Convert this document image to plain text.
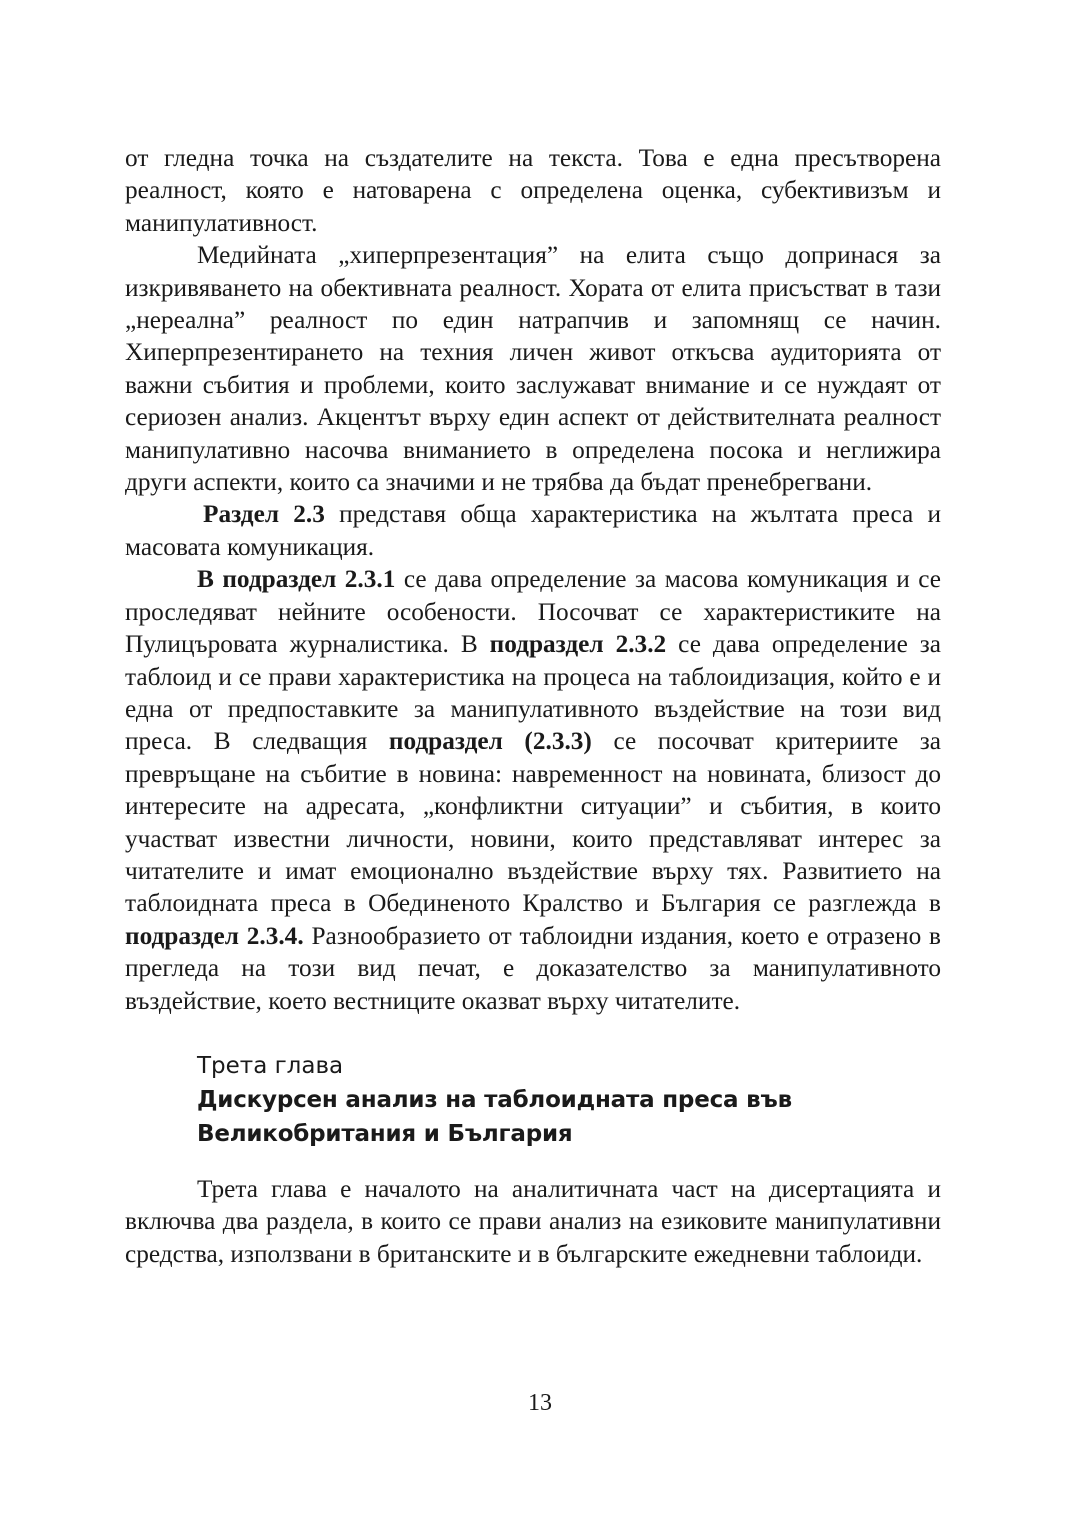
от гледна точка на създателите на текста. Това е една пресътворена реалност, която е натоварена с определена оценка, субективизъм и манипулативност.

Медийната „хиперпрезентация” на елита също допринася за изкривяването на обективната реалност. Хората от елита присъстват в тази „нереална” реалност по един натрапчив и запомнящ се начин. Хиперпрезентирането на техния личен живот откъсва аудиторията от важни събития и проблеми, които заслужават внимание и се нуждаят от сериозен анализ. Акцентът върху един аспект от действителната реалност манипулативно насочва вниманието в определена посока и неглижира други аспекти, които са значими и не трябва да бъдат пренебрегвани.

Раздел 2.3 представя обща характеристика на жълтата преса и масовата комуникация.

В подраздел 2.3.1 се дава определение за масова комуникация и се проследяват нейните особености. Посочват се характеристиките на Пулицъровата журналистика. В подраздел 2.3.2 се дава определение за таблоид и се прави характеристика на процеса на таблоидизация, който е и една от предпоставките за манипулативното въздействие на този вид преса. В следващия подраздел (2.3.3) се посочват критериите за превръщане на събитие в новина: навременност на новината, близост до интересите на адресата, „конфликтни ситуации” и събития, в които участват известни личности, новини, които представляват интерес за читателите и имат емоционално въздействие върху тях. Развитието на таблоидната преса в Обединеното Кралство и България се разглежда в подраздел 2.3.4. Разнообразието от таблоидни издания, което е отразено в прегледа на този вид печат, е доказателство за манипулативното въздействие, което вестниците оказват върху читателите.

Трета глава
Дискурсен анализ на таблоидната преса във
Великобритания и България

Трета глава е началото на аналитичната част на дисертацията и включва два раздела, в които се прави анализ на езиковите манипулативни средства, използвани в британските и в българските ежедневни таблоиди.

13
